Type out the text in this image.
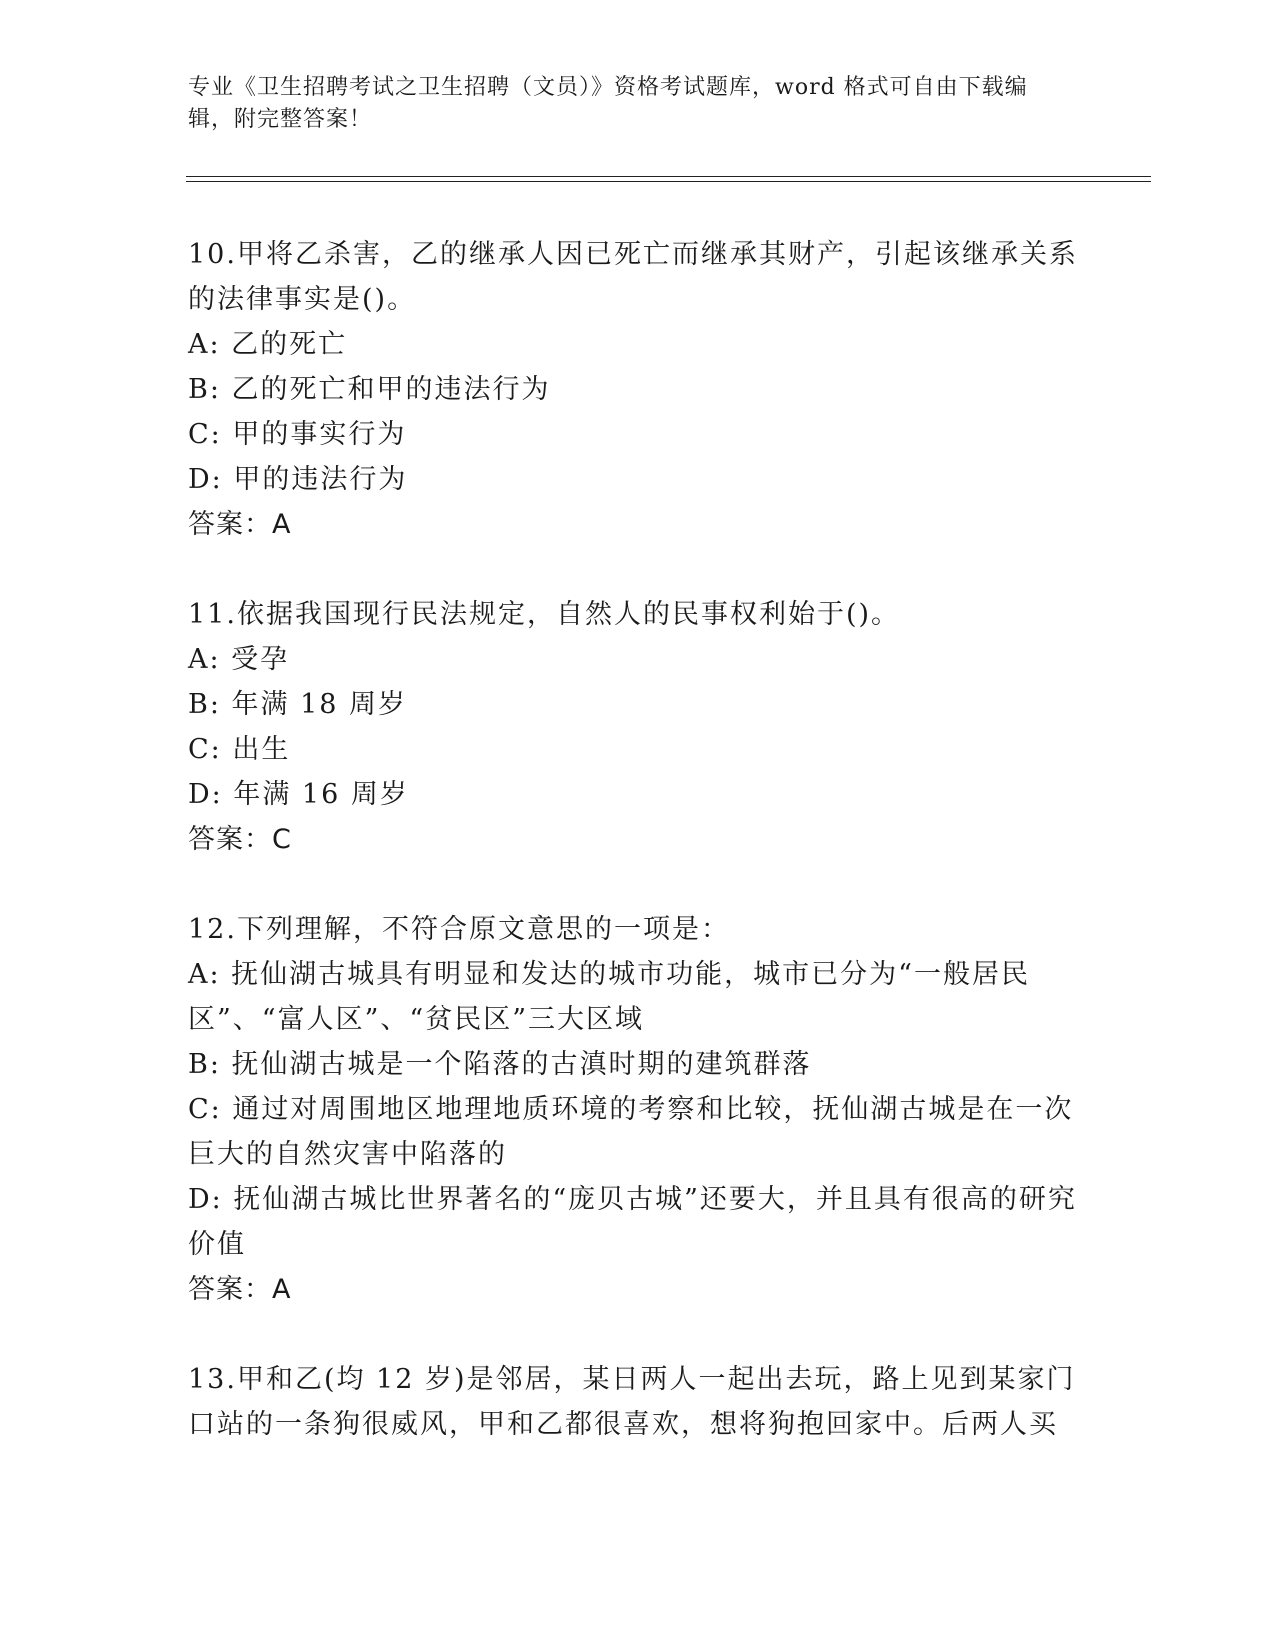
专业《卫生招聘考试之卫生招聘（文员）》资格考试题库，word 格式可自由下载编辑，附完整答案！
10.甲将乙杀害，乙的继承人因已死亡而继承其财产，引起该继承关系的法律事实是()。
A: 乙的死亡
B: 乙的死亡和甲的违法行为
C: 甲的事实行为
D: 甲的违法行为
答案：A
11.依据我国现行民法规定，自然人的民事权利始于()。
A: 受孕
B: 年满 18 周岁
C: 出生
D: 年满 16 周岁
答案：C
12.下列理解，不符合原文意思的一项是：
A: 抚仙湖古城具有明显和发达的城市功能，城市已分为“一般居民区”、“富人区”、“贫民区”三大区域
B: 抚仙湖古城是一个陷落的古滇时期的建筑群落
C: 通过对周围地区地理地质环境的考察和比较，抚仙湖古城是在一次巨大的自然灾害中陷落的
D: 抚仙湖古城比世界著名的“庞贝古城”还要大，并且具有很高的研究价值
答案：A
13.甲和乙(均 12 岁)是邻居，某日两人一起出去玩，路上见到某家门口站的一条狗很威风，甲和乙都很喜欢，想将狗抱回家中。后两人买
